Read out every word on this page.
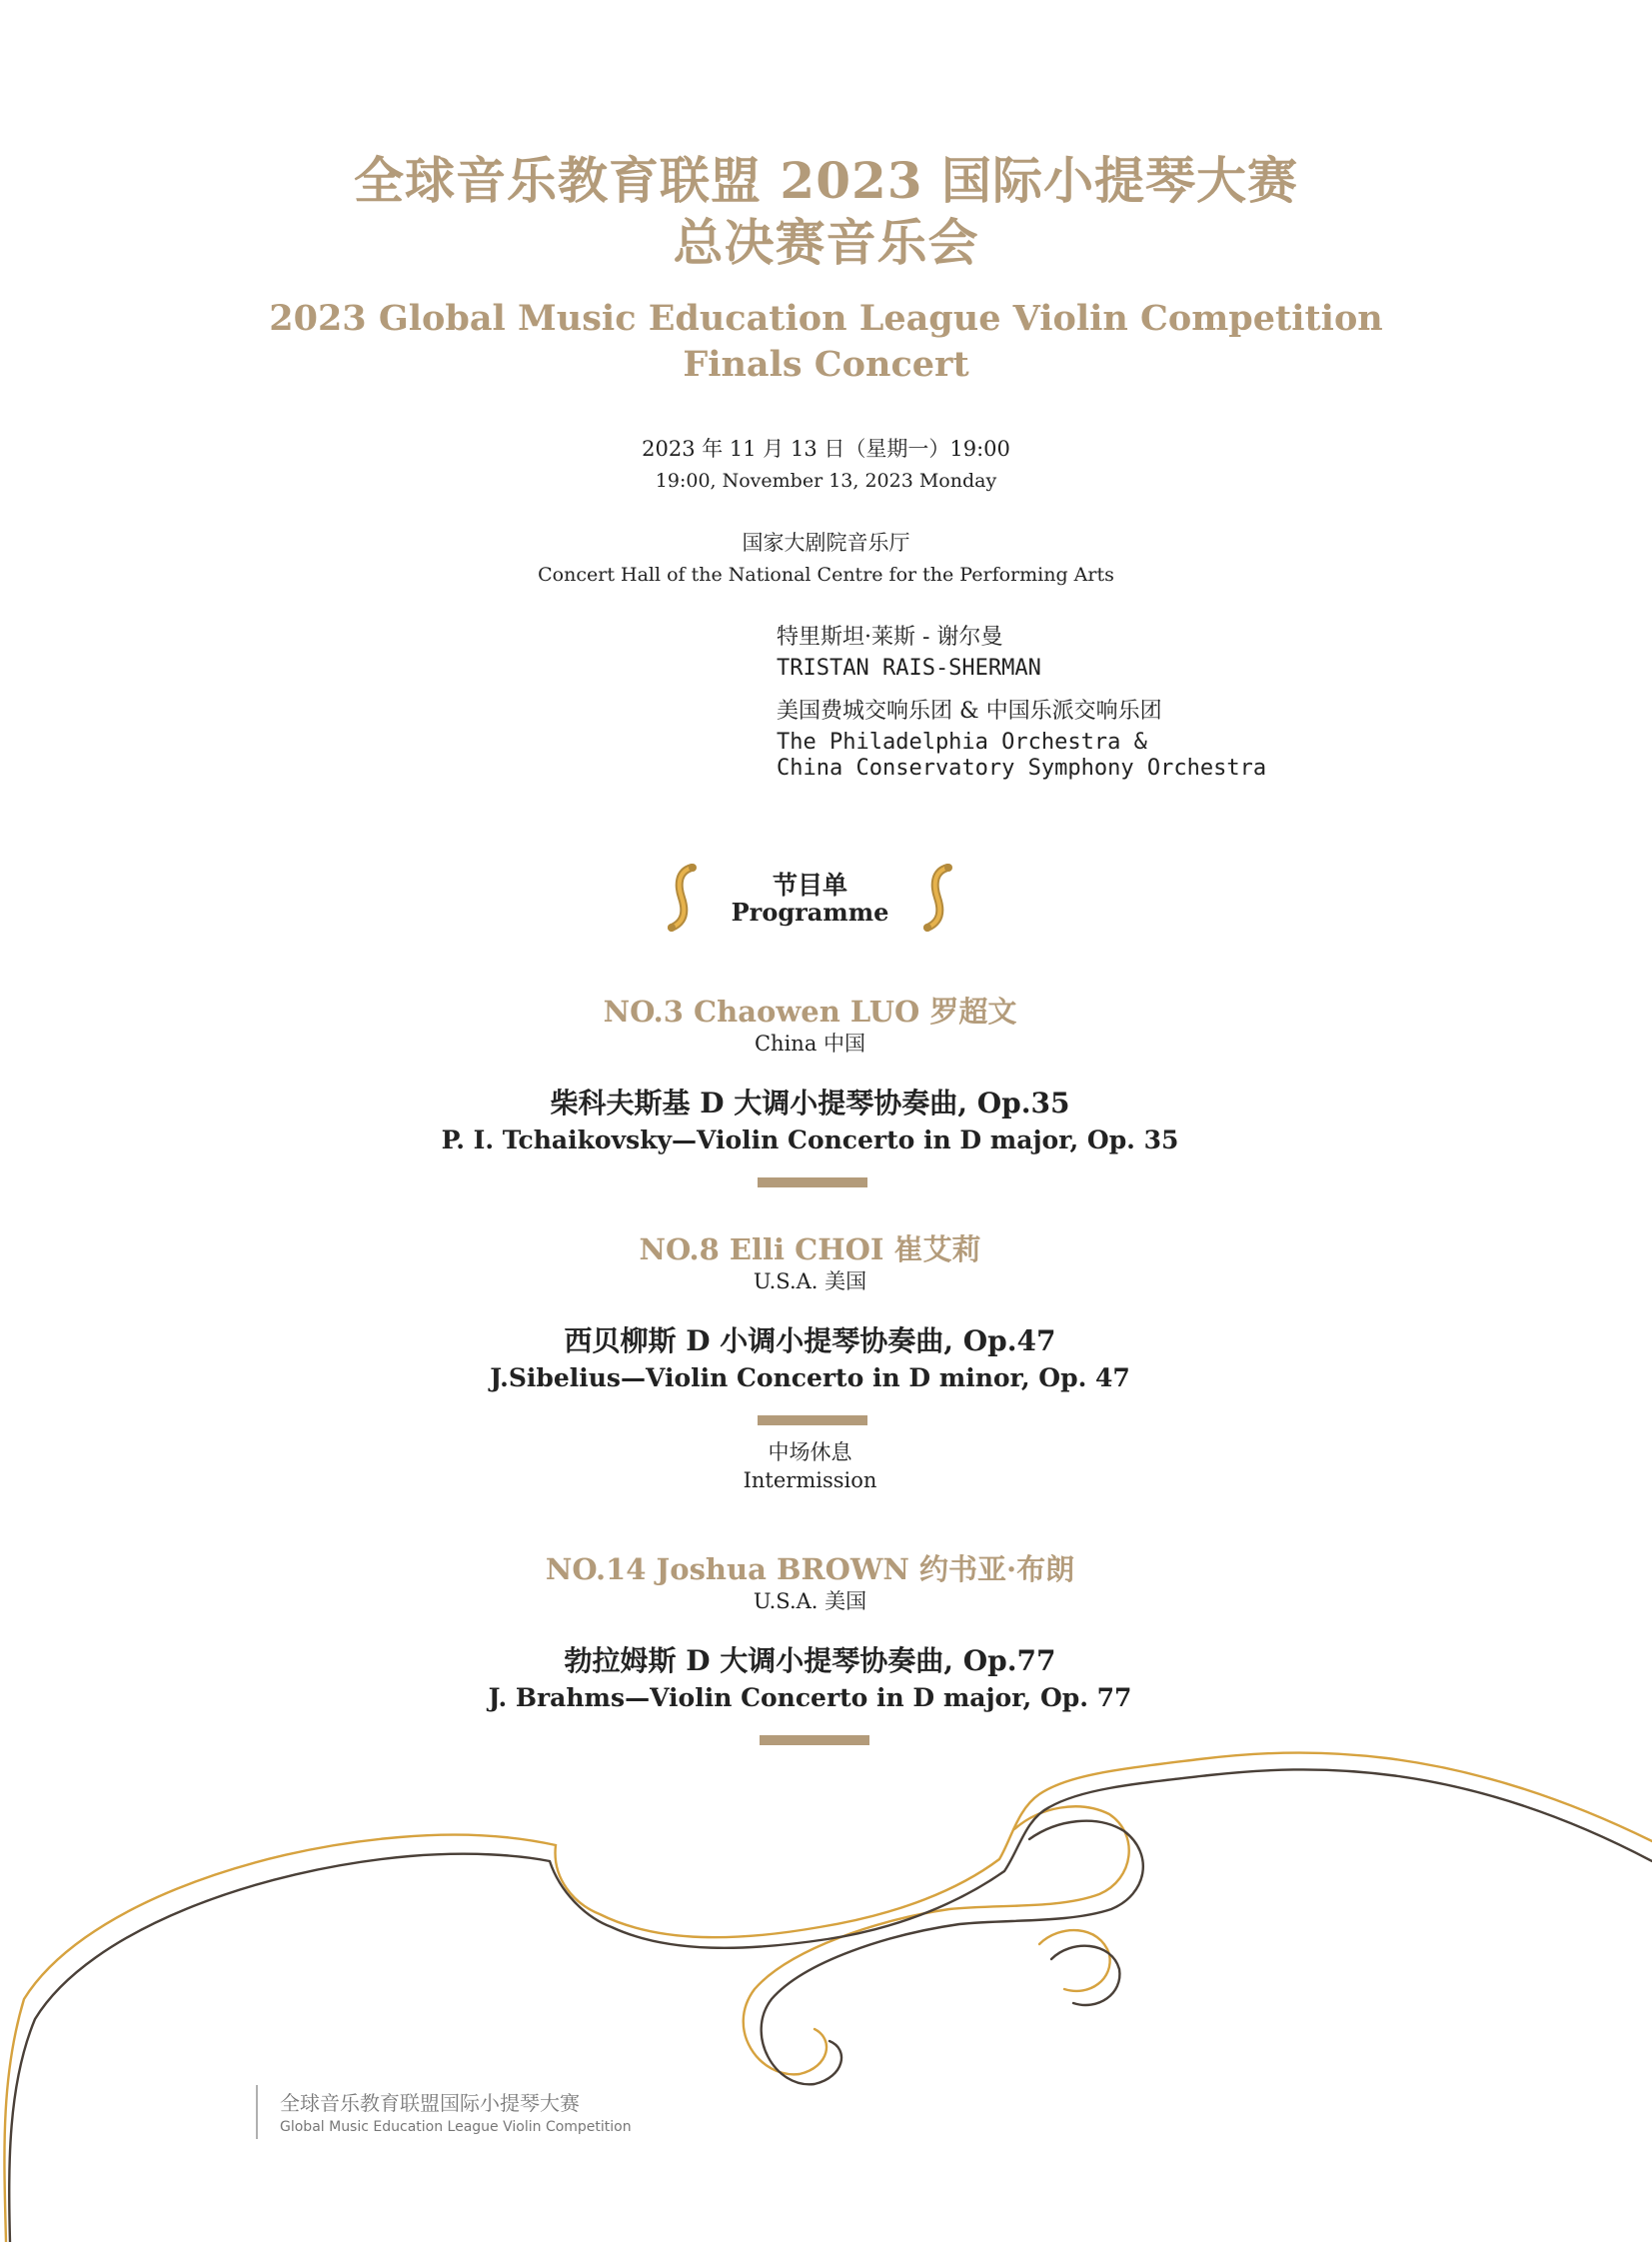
全球音乐教育联盟 2023 国际小提琴大赛
总决赛音乐会
2023 Global Music Education League Violin Competition
Finals Concert
2023 年 11 月 13 日（星期一）19:00
19:00, November 13, 2023 Monday
国家大剧院音乐厅
Concert Hall of the National Centre for the Performing Arts
特里斯坦·莱斯 - 谢尔曼
TRISTAN RAIS-SHERMAN
美国费城交响乐团 & 中国乐派交响乐团
The Philadelphia Orchestra &
China Conservatory Symphony Orchestra
节目单
Programme
NO.3 Chaowen LUO 罗超文
China 中国
柴科夫斯基 D 大调小提琴协奏曲, Op.35
P. I. Tchaikovsky—Violin Concerto in D major, Op. 35
NO.8 Elli CHOI 崔艾莉
U.S.A. 美国
西贝柳斯 D 小调小提琴协奏曲, Op.47
J.Sibelius—Violin Concerto in D minor, Op. 47
中场休息
Intermission
NO.14 Joshua BROWN 约书亚·布朗
U.S.A. 美国
勃拉姆斯 D 大调小提琴协奏曲, Op.77
J. Brahms—Violin Concerto in D major, Op. 77
全球音乐教育联盟国际小提琴大赛
Global Music Education League Violin Competition
